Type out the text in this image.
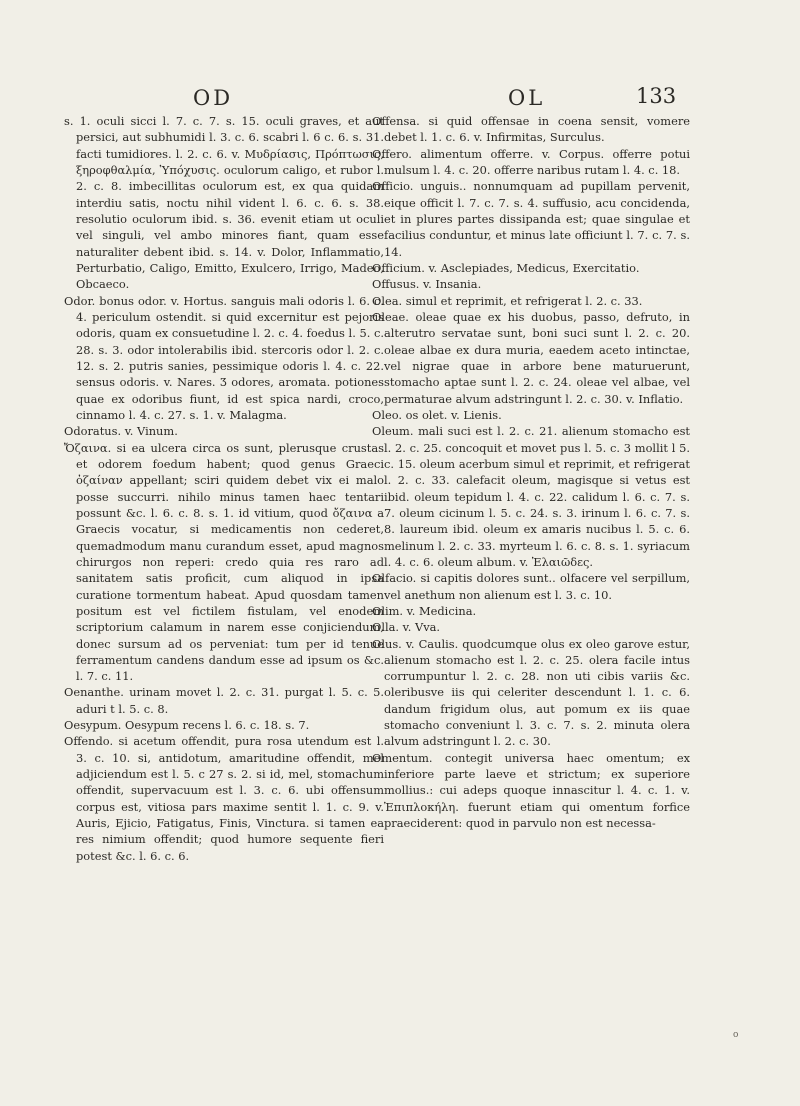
OD	OL	133

s. 1. oculi sicci l. 7. c. 7. s. 15. oculi graves, et aut persici, aut subhumidi l. 3. c. 6. scabri l. 6 c. 6. s. 31. facti tumidiores. l. 2. c. 6. v. Μυδρίασις, Πρόπτωσις, ξηροφθαλμία, Ὑπόχυσις. oculorum caligo, et rubor l. 2. c. 8. imbecillitas oculorum est, ex qua quidam interdiu satis, noctu nihil vident l. 6. c. 6. s. 38. resolutio oculorum ibid. s. 36. evenit etiam ut oculi vel singuli, vel ambo minores fiant, quam esse naturaliter debent ibid. s. 14. v. Dolor, Inflammatio, Perturbatio, Caligo, Emitto, Exulcero, Irrigo, Madeo, Obcaeco.

Odor. bonus odor. v. Hortus. sanguis mali odoris l. 6. c. 4. periculum ostendit. si quid excernitur est pejoris odoris, quam ex consuetudine l. 2. c. 4. foedus l. 5. c. 28. s. 3. odor intolerabilis ibid. stercoris odor l. 2. c. 12. s. 2. putris sanies, pessimique odoris l. 4. c. 22. sensus odoris. v. Nares. Ʒ odores, aromata. potiones quae ex odoribus fiunt, id est spica nardi, croco, cinnamo l. 4. c. 27. s. 1. v. Malagma.

Odoratus. v. Vinum.

Ὄζαινα. si ea ulcera circa os sunt, plerusque crustas et odorem foedum habent; quod genus Graeci ὀζαίναν appellant; sciri quidem debet vix ei malo posse succurri. nihilo minus tamen haec tentari possunt &c. l. 6. c. 8. s. 1. id vitium, quod ὄζαινα a Graecis vocatur, si medicamentis non cederet, quemadmodum manu curandum esset, apud magnos chirurgos non reperi: credo quia res raro ad sanitatem satis proficit, cum aliquod in ipsa curatione tormentum habeat. Apud quosdam tamen positum est vel fictilem fistulam, vel enodem scriptorium calamum in narem esse conjiciendum, donec sursum ad os perveniat: tum per id tenue ferramentum candens dandum esse ad ipsum os &c. l. 7. c. 11.

Oenanthe. urinam movet l. 2. c. 31. purgat l. 5. c. 5. aduri t l. 5. c. 8.

Oesypum. Oesypum recens l. 6. c. 18. s. 7.

Offendo. si acetum offendit, pura rosa utendum est l. 3. c. 10. si, antidotum, amaritudine offendit, mel adjiciendum est l. 5. c 27 s. 2. si id, mel, stomachum offendit, supervacuum est l. 3. c. 6. ubi offensum corpus est, vitiosa pars maxime sentit l. 1. c. 9. v. Auris, Ejicio, Fatigatus, Finis, Vinctura. si tamen ea res nimium offendit; quod humore sequente fieri potest &c. l. 6. c. 6.

Offensa. si quid offensae in coena sensit, vomere debet l. 1. c. 6. v. Infirmitas, Surculus.

Offero. alimentum offerre. v. Corpus. offerre potui mulsum l. 4. c. 20. offerre naribus rutam l. 4. c. 18.

Officio. unguis.. nonnumquam ad pupillam pervenit, eique officit l. 7. c. 7. s. 4. suffusio, acu concidenda, et in plures partes dissipanda est; quae singulae et facilius conduntur, et minus late officiunt l. 7. c. 7. s. 14.

Officium. v. Asclepiades, Medicus, Exercitatio.

Offusus. v. Insania.

Olea. simul et reprimit, et refrigerat l. 2. c. 33.

Oleae. oleae quae ex his duobus, passo, defruto, in alterutro servatae sunt, boni suci sunt l. 2. c. 20. oleae albae ex dura muria, eaedem aceto intinctae, vel nigrae quae in arbore bene maturuerunt, stomacho aptae sunt l. 2. c. 24. oleae vel albae, vel permaturae alvum adstringunt l. 2. c. 30. v. Inflatio.

Oleo. os olet. v. Lienis.

Oleum. mali suci est l. 2. c. 21. alienum stomacho est l. 2. c. 25. concoquit et movet pus l. 5. c. 3 mollit l 5. c. 15. oleum acerbum simul et reprimit, et refrigerat l. 2. c. 33. calefacit oleum, magisque si vetus est ibid. oleum tepidum l. 4. c. 22. calidum l. 6. c. 7. s. 7. oleum cicinum l. 5. c. 24. s. 3. irinum l. 6. c. 7. s. 8. laureum ibid. oleum ex amaris nucibus l. 5. c. 6. melinum l. 2. c. 33. myrteum l. 6. c. 8. s. 1. syriacum l. 4. c. 6. oleum album. v. Ἐλαιῶδες.

Olfacio. si capitis dolores sunt.. olfacere vel serpillum, vel anethum non alienum est l. 3. c. 10.

Olim. v. Medicina.

Olla. v. Vva.

Olus. v. Caulis. quodcumque olus ex oleo garove estur, alienum stomacho est l. 2. c. 25. olera facile intus corrumpuntur l. 2. c. 28. non uti cibis variis &c. oleribusve iis qui celeriter descendunt l. 1. c. 6. dandum frigidum olus, aut pomum ex iis quae stomacho conveniunt l. 3. c. 7. s. 2. minuta olera alvum adstringunt l. 2. c. 30.

Omentum. contegit universa haec omentum; ex inferiore parte laeve et strictum; ex superiore mollius.: cui adeps quoque innascitur l. 4. c. 1. v. Ἐπιπλοκήλη. fuerunt etiam qui omentum forfice praeciderent: quod in parvulo non est necessa-

o
